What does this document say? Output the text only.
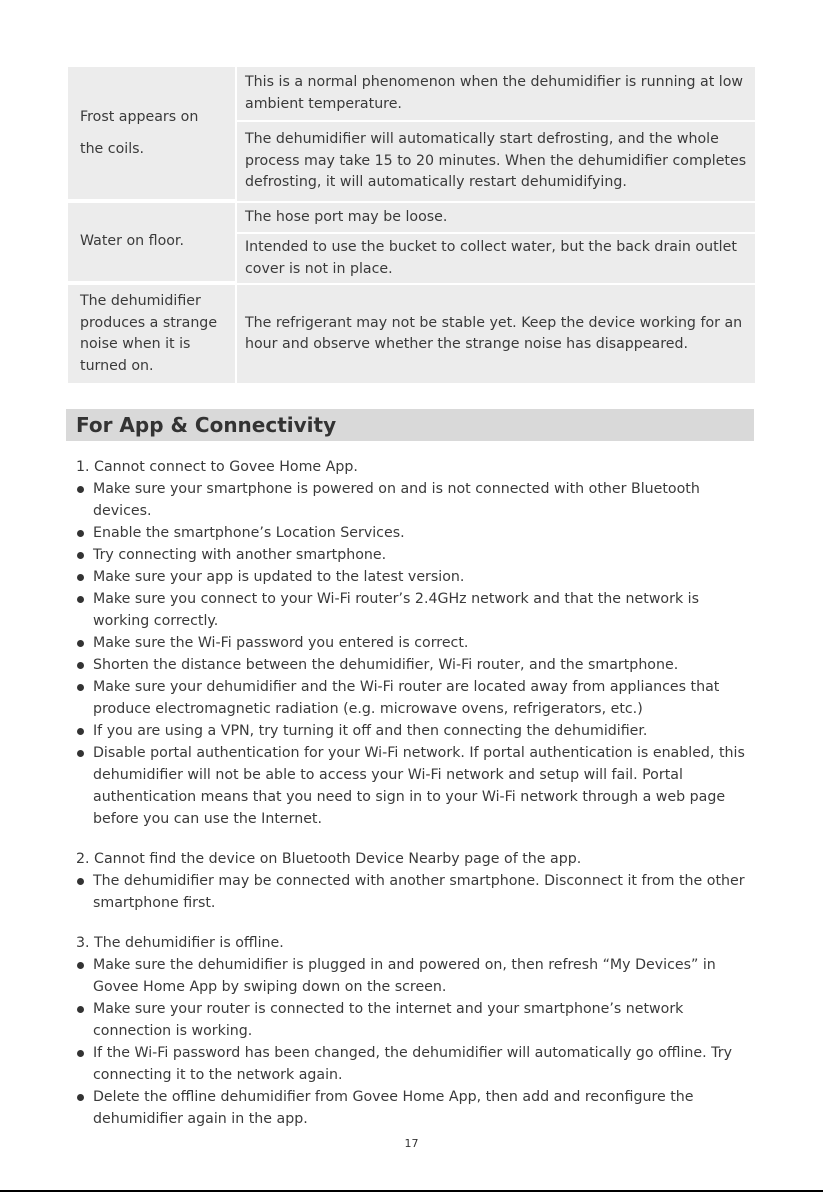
Frost appears on
the coils.
This is a normal phenomenon when the dehumidifier is running at low ambient temperature.
The dehumidifier will automatically start defrosting, and the whole process may take 15 to 20 minutes. When the dehumidifier completes defrosting, it will automatically restart dehumidifying.
Water on floor.
The hose port may be loose.
Intended to use the bucket to collect water, but the back drain outlet cover is not in place.
The dehumidifier produces a strange noise when it is turned on.
The refrigerant may not be stable yet. Keep the device working for an hour and observe whether the strange noise has disappeared.
For App & Connectivity

1. Cannot connect to Govee Home App.

Make sure your smartphone is powered on and is not connected with other Bluetooth devices.
Enable the smartphone’s Location Services.
Try connecting with another smartphone.
Make sure your app is updated to the latest version.
Make sure you connect to your Wi-Fi router’s 2.4GHz network and that the network is working correctly.
Make sure the Wi-Fi password you entered is correct.
Shorten the distance between the dehumidifier, Wi-Fi router, and the smartphone.
Make sure your dehumidifier and the Wi-Fi router are located away from appliances that produce electromagnetic radiation (e.g. microwave ovens, refrigerators, etc.)
If you are using a VPN, try turning it off and then connecting the dehumidifier.
Disable portal authentication for your Wi-Fi network. If portal authentication is enabled, this dehumidifier will not be able to access your Wi-Fi network and setup will fail. Portal authentication means that you need to sign in to your Wi-Fi network through a web page before you can use the Internet.

2. Cannot find the device on Bluetooth Device Nearby page of the app.

The dehumidifier may be connected with another smartphone. Disconnect it from the other smartphone first.

3. The dehumidifier is offline.

Make sure the dehumidifier is plugged in and powered on, then refresh “My Devices” in Govee Home App by swiping down on the screen.
Make sure your router is connected to the internet and your smartphone’s network connection is working.
If the Wi-Fi password has been changed, the dehumidifier will automatically go offline. Try connecting it to the network again.
Delete the offline dehumidifier from Govee Home App, then add and reconfigure the dehumidifier again in the app.
17
